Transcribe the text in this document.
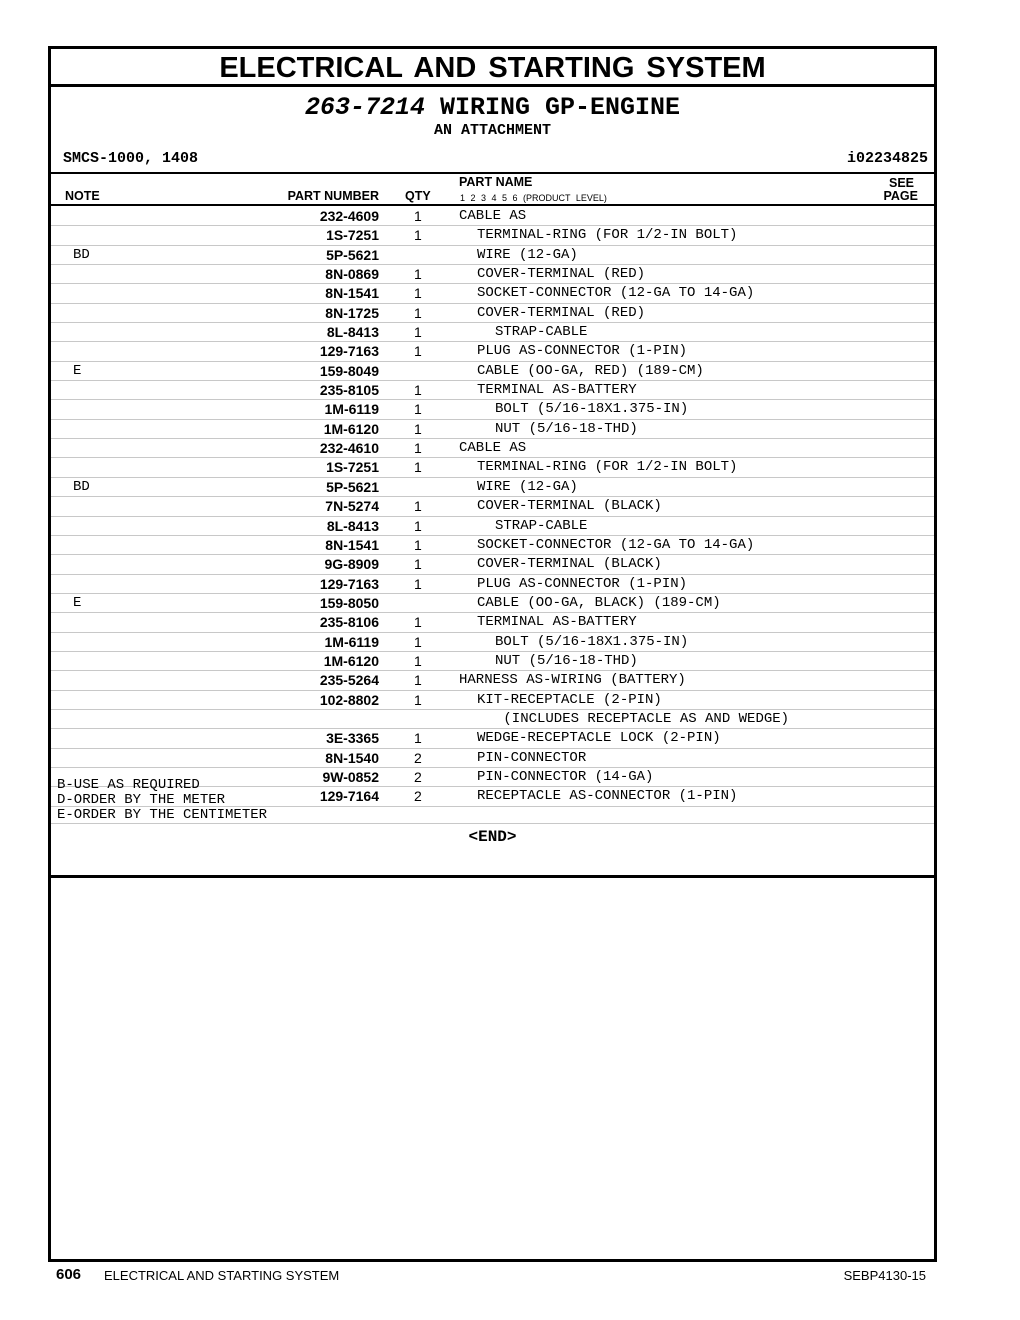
ELECTRICAL AND STARTING SYSTEM
263-7214 WIRING GP-ENGINE
AN ATTACHMENT
SMCS-1000, 1408	i02234825
NOTE	PART NUMBER QTY
PART NAME
1 2 3 4 5 6 (PRODUCT LEVEL)
SEE
PAGE
232-4609	1	CABLE AS
1S-7251	1	TERMINAL-RING (FOR 1/2-IN BOLT)
BD	5P-5621	WIRE (12-GA)
8N-0869	1	COVER-TERMINAL (RED)
8N-1541	1	SOCKET-CONNECTOR (12-GA TO 14-GA)
8N-1725	1	COVER-TERMINAL (RED)
8L-8413	1	STRAP-CABLE
129-7163	1	PLUG AS-CONNECTOR (1-PIN)
E	159-8049	CABLE (OO-GA, RED) (189-CM)
235-8105	1	TERMINAL AS-BATTERY
1M-6119	1	BOLT (5/16-18X1.375-IN)
1M-6120	1	NUT (5/16-18-THD)
232-4610	1	CABLE AS
1S-7251	1	TERMINAL-RING (FOR 1/2-IN BOLT)
BD	5P-5621	WIRE (12-GA)
7N-5274	1	COVER-TERMINAL (BLACK)
8L-8413	1	STRAP-CABLE
8N-1541	1	SOCKET-CONNECTOR (12-GA TO 14-GA)
9G-8909	1	COVER-TERMINAL (BLACK)
129-7163	1	PLUG AS-CONNECTOR (1-PIN)
E	159-8050	CABLE (OO-GA, BLACK) (189-CM)
235-8106	1	TERMINAL AS-BATTERY
1M-6119	1	BOLT (5/16-18X1.375-IN)
1M-6120	1	NUT (5/16-18-THD)
235-5264	1	HARNESS AS-WIRING (BATTERY)
102-8802	1	KIT-RECEPTACLE (2-PIN)
(INCLUDES RECEPTACLE AS AND WEDGE)
3E-3365	1	WEDGE-RECEPTACLE LOCK (2-PIN)
8N-1540	2	PIN-CONNECTOR
9W-0852	2	PIN-CONNECTOR (14-GA)
129-7164	2	RECEPTACLE AS-CONNECTOR (1-PIN)
B-USE AS REQUIRED
D-ORDER BY THE METER
E-ORDER BY THE CENTIMETER
<END>
606 ELECTRICAL AND STARTING SYSTEM	SEBP4130-15
